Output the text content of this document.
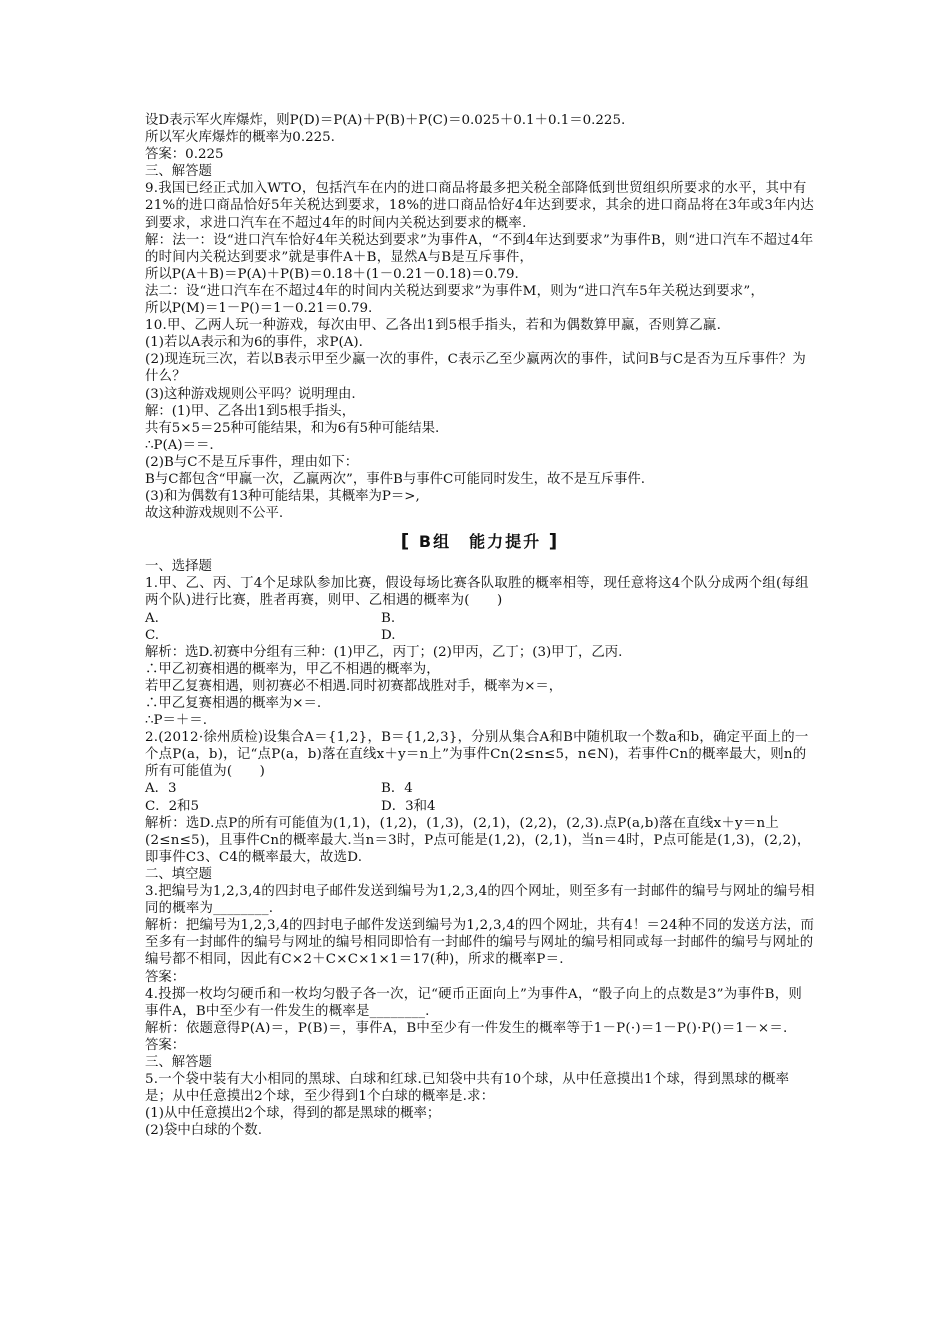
设D表示军火库爆炸，则P(D)＝P(A)＋P(B)＋P(C)＝0.025＋0.1＋0.1＝0.225.
所以军火库爆炸的概率为0.225.
答案：0.225
三、解答题
9.我国已经正式加入WTO，包括汽车在内的进口商品将最多把关税全部降低到世贸组织所要求的水平，其中有21%的进口商品恰好5年关税达到要求，18%的进口商品恰好4年达到要求，其余的进口商品将在3年或3年内达到要求，求进口汽车在不超过4年的时间内关税达到要求的概率.
解：法一：设“进口汽车恰好4年关税达到要求”为事件A，“不到4年达到要求”为事件B，则“进口汽车不超过4年的时间内关税达到要求”就是事件A＋B，显然A与B是互斥事件，
所以P(A＋B)＝P(A)＋P(B)＝0.18＋(1－0.21－0.18)＝0.79.
法二：设“进口汽车在不超过4年的时间内关税达到要求”为事件M，则为“进口汽车5年关税达到要求”，
所以P(M)＝1－P()＝1－0.21＝0.79.
10.甲、乙两人玩一种游戏，每次由甲、乙各出1到5根手指头，若和为偶数算甲赢，否则算乙赢.
(1)若以A表示和为6的事件，求P(A).
(2)现连玩三次，若以B表示甲至少赢一次的事件，C表示乙至少赢两次的事件，试问B与C是否为互斥事件？为什么？
(3)这种游戏规则公平吗？说明理由.
解：(1)甲、乙各出1到5根手指头，
共有5×5＝25种可能结果，和为6有5种可能结果.
∴P(A)＝＝.
(2)B与C不是互斥事件，理由如下：
B与C都包含“甲赢一次，乙赢两次”，事件B与事件C可能同时发生，故不是互斥事件.
(3)和为偶数有13种可能结果，其概率为P＝>,
故这种游戏规则不公平.
[ B组　能力提升 ]
一、选择题
1.甲、乙、丙、丁4个足球队参加比赛，假设每场比赛各队取胜的概率相等，现任意将这4个队分成两个组(每组两个队)进行比赛，胜者再赛，则甲、乙相遇的概率为(　　)
A.	B.
C.	D.
解析：选D.初赛中分组有三种：(1)甲乙，丙丁；(2)甲丙，乙丁；(3)甲丁，乙丙.
∴甲乙初赛相遇的概率为，甲乙不相遇的概率为，
若甲乙复赛相遇，则初赛必不相遇.同时初赛都战胜对手，概率为×＝，
∴甲乙复赛相遇的概率为×＝.
∴P＝＋＝.
2.(2012·徐州质检)设集合A＝{1,2}，B＝{1,2,3}，分别从集合A和B中随机取一个数a和b，确定平面上的一个点P(a，b)，记“点P(a，b)落在直线x＋y＝n上”为事件Cn(2≤n≤5，n∈N)，若事件Cn的概率最大，则n的所有可能值为(　　)
A．3	B．4
C．2和5	D．3和4
解析：选D.点P的所有可能值为(1,1)，(1,2)，(1,3)，(2,1)，(2,2)，(2,3).点P(a,b)落在直线x＋y＝n上(2≤n≤5)，且事件Cn的概率最大.当n＝3时，P点可能是(1,2)，(2,1)，当n＝4时，P点可能是(1,3)，(2,2)，即事件C3、C4的概率最大，故选D.
二、填空题
3.把编号为1,2,3,4的四封电子邮件发送到编号为1,2,3,4的四个网址，则至多有一封邮件的编号与网址的编号相同的概率为________.
解析：把编号为1,2,3,4的四封电子邮件发送到编号为1,2,3,4的四个网址，共有4！＝24种不同的发送方法，而至多有一封邮件的编号与网址的编号相同即恰有一封邮件的编号与网址的编号相同或每一封邮件的编号与网址的编号都不相同，因此有C×2＋C×C×1×1＝17(种)，所求的概率P＝.
答案：
4.投掷一枚均匀硬币和一枚均匀骰子各一次，记“硬币正面向上”为事件A，“骰子向上的点数是3”为事件B，则事件A，B中至少有一件发生的概率是________.
解析：依题意得P(A)＝，P(B)＝，事件A，B中至少有一件发生的概率等于1－P(·)＝1－P()·P()＝1－×＝.
答案：
三、解答题
5.一个袋中装有大小相同的黑球、白球和红球.已知袋中共有10个球，从中任意摸出1个球，得到黑球的概率是；从中任意摸出2个球，至少得到1个白球的概率是.求：
(1)从中任意摸出2个球，得到的都是黑球的概率；
(2)袋中白球的个数.
